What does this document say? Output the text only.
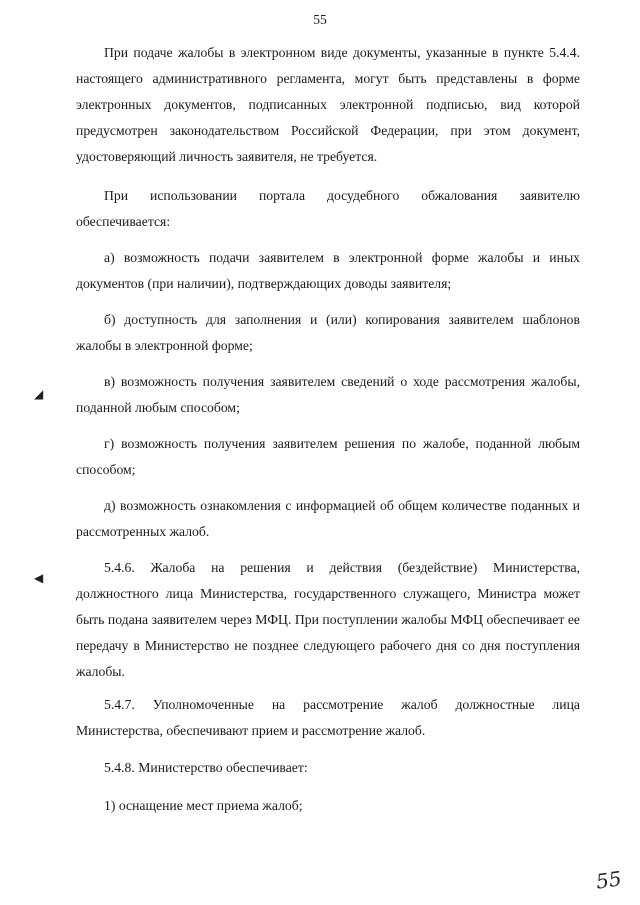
55

При подаче жалобы в электронном виде документы, указанные в пункте 5.4.4. настоящего административного регламента, могут быть представлены в форме электронных документов, подписанных электронной подписью, вид которой предусмотрен законодательством Российской Федерации, при этом документ, удостоверяющий личность заявителя, не требуется.

При использовании портала досудебного обжалования заявителю обеспечивается:

а) возможность подачи заявителем в электронной форме жалобы и иных документов (при наличии), подтверждающих доводы заявителя;

б) доступность для заполнения и (или) копирования заявителем шаблонов жалобы в электронной форме;

в) возможность получения заявителем сведений о ходе рассмотрения жалобы, поданной любым способом;

г) возможность получения заявителем решения по жалобе, поданной любым способом;

д) возможность ознакомления с информацией об общем количестве поданных и рассмотренных жалоб.

5.4.6. Жалоба на решения и действия (бездействие) Министерства, должностного лица Министерства, государственного служащего, Министра может быть подана заявителем через МФЦ. При поступлении жалобы МФЦ обеспечивает ее передачу в Министерство не позднее следующего рабочего дня со дня поступления жалобы.

5.4.7. Уполномоченные на рассмотрение жалоб должностные лица Министерства, обеспечивают прием и рассмотрение жалоб.

5.4.8. Министерство обеспечивает:

1) оснащение мест приема жалоб;

◢
◀
55
